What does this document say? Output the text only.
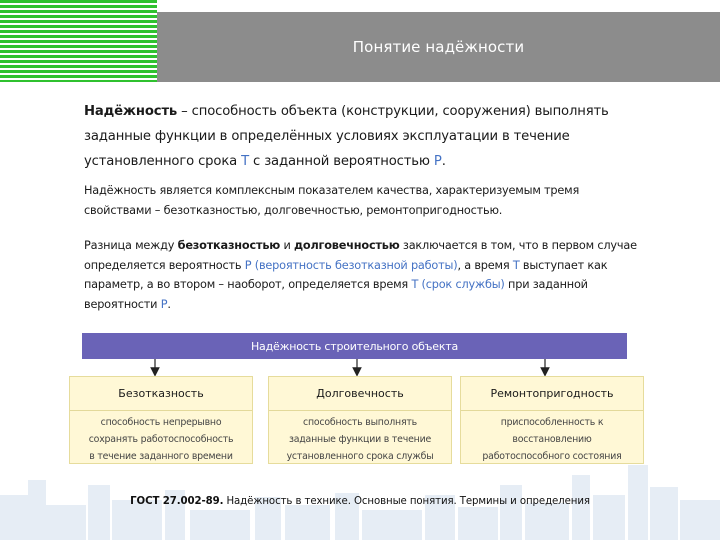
Понятие надёжности
Надёжность – способность объекта (конструкции, сооружения) выполнять заданные функции в определённых условиях эксплуатации в течение установленного срока Т с заданной вероятностью Р.
Надёжность является комплексным показателем качества, характеризуемым тремя свойствами – безотказностью, долговечностью, ремонтопригодностью.
Разница между безотказностью и долговечностью заключается в том, что в первом случае определяется вероятность Р (вероятность безотказной работы), а время Т выступает как параметр, а во втором – наоборот, определяется время Т (срок службы) при заданной вероятности Р.
Надёжность строительного объекта
Безотказность
способность непрерывно
сохранять работоспособность
в течение заданного времени
Долговечность
способность выполнять
заданные функции в течение
установленного срока службы
Ремонтопригодность
приспособленность к
восстановлению
работоспособного состояния
ГОСТ 27.002-89. Надёжность в технике. Основные понятия. Термины и определения
